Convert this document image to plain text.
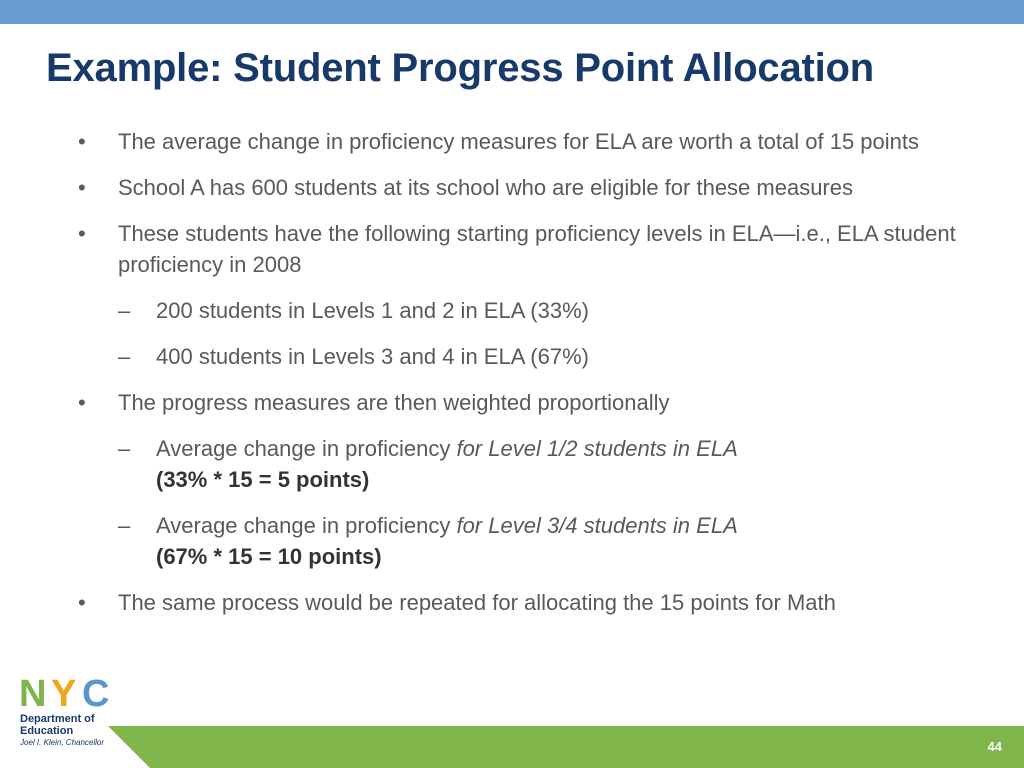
Example: Student Progress Point Allocation
•	The average change in proficiency measures for ELA are worth a total of 15 points
•	School A has 600 students at its school who are eligible for these measures
•	These students have the following starting proficiency levels in ELA—i.e., ELA student proficiency in 2008
–	200 students in Levels 1 and 2 in ELA (33%)
–	400 students in Levels 3 and 4 in ELA (67%)
•	The progress measures are then weighted proportionally
–	Average change in proficiency for Level 1/2 students in ELA
(33% * 15 = 5 points)
–	Average change in proficiency for Level 3/4 students in ELA
(67% * 15 = 10 points)
•	The same process would be repeated for allocating the 15 points for Math
44
N Y C
Department of
Education
Joel I. Klein, Chancellor
